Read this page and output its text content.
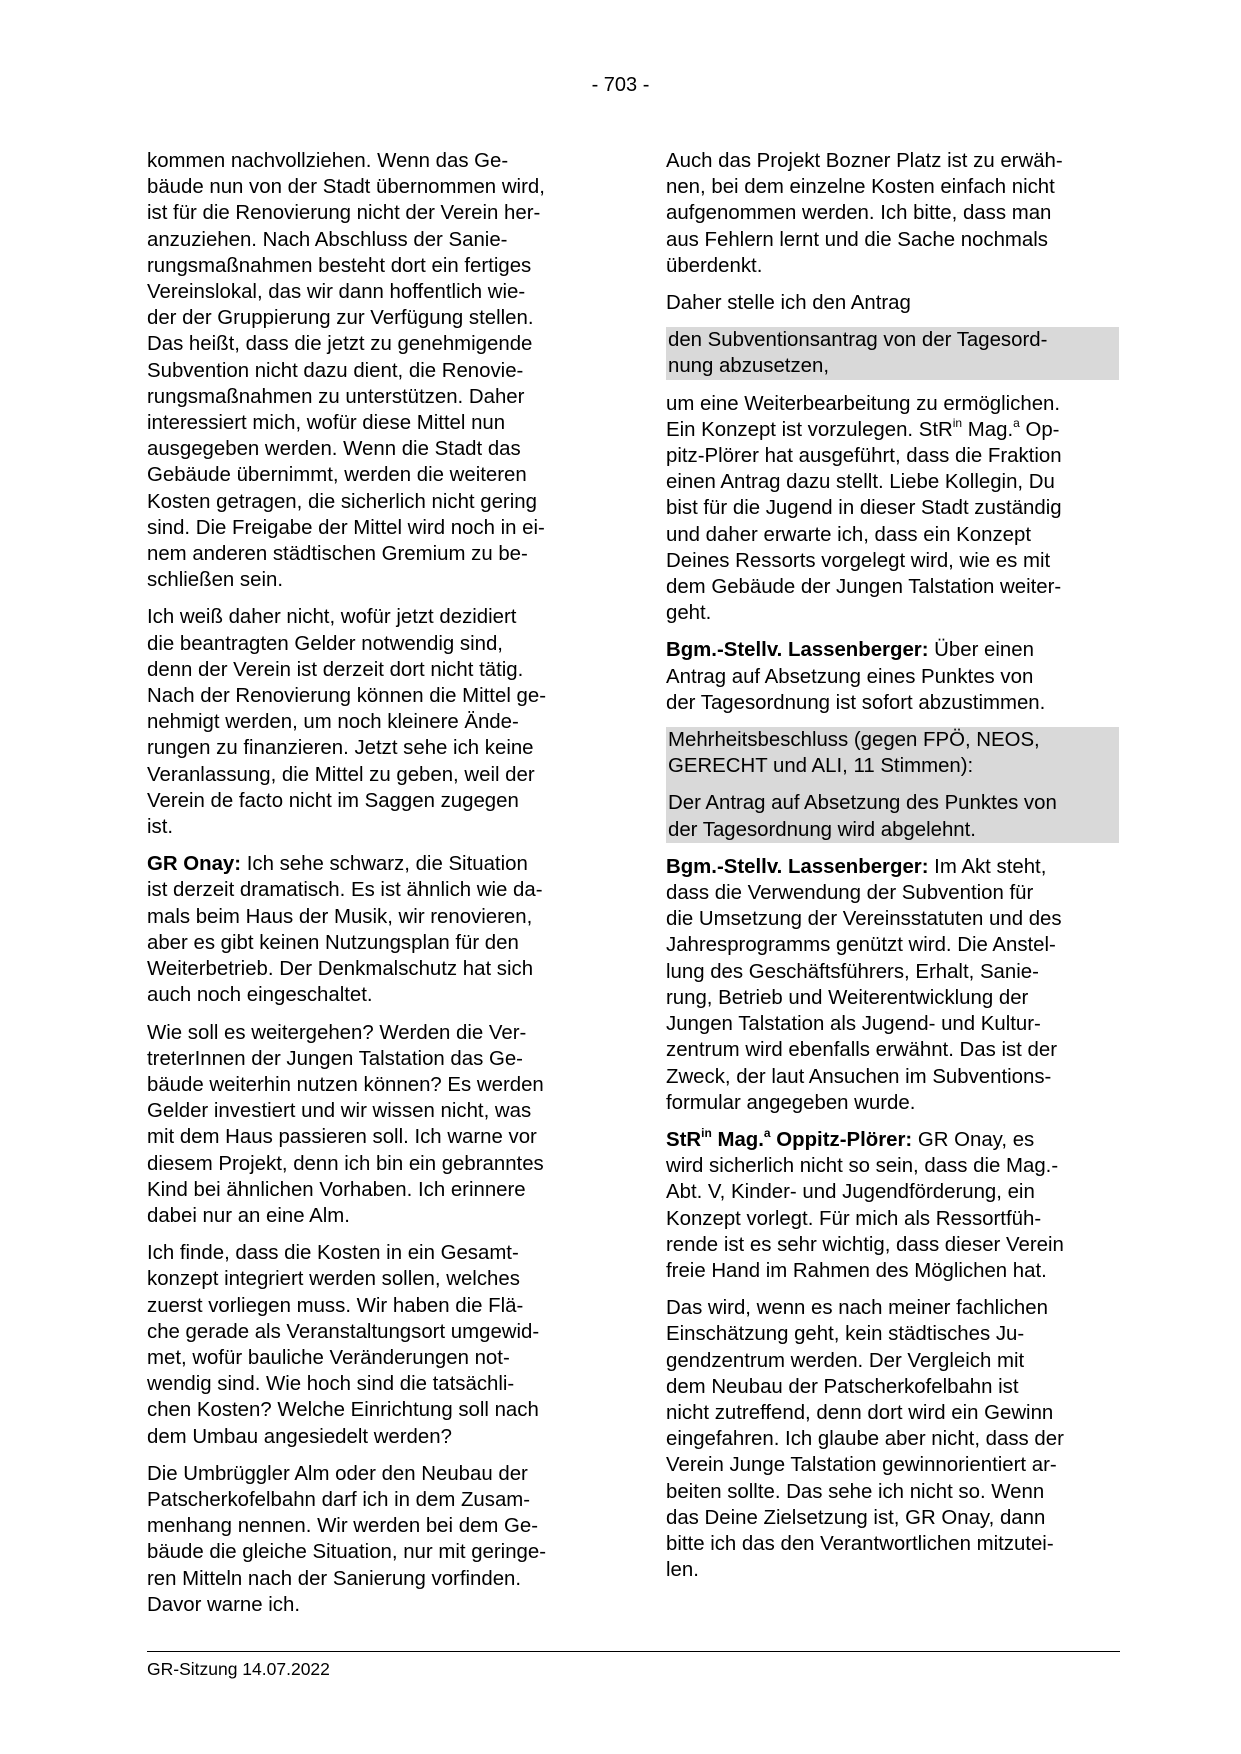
- 703 -

kommen nachvollziehen. Wenn das Ge-
bäude nun von der Stadt übernommen wird,
ist für die Renovierung nicht der Verein her-
anzuziehen. Nach Abschluss der Sanie-
rungsmaßnahmen besteht dort ein fertiges
Vereinslokal, das wir dann hoffentlich wie-
der der Gruppierung zur Verfügung stellen.
Das heißt, dass die jetzt zu genehmigende
Subvention nicht dazu dient, die Renovie-
rungsmaßnahmen zu unterstützen. Daher
interessiert mich, wofür diese Mittel nun
ausgegeben werden. Wenn die Stadt das
Gebäude übernimmt, werden die weiteren
Kosten getragen, die sicherlich nicht gering
sind. Die Freigabe der Mittel wird noch in ei-
nem anderen städtischen Gremium zu be-
schließen sein.

Ich weiß daher nicht, wofür jetzt dezidiert
die beantragten Gelder notwendig sind,
denn der Verein ist derzeit dort nicht tätig.
Nach der Renovierung können die Mittel ge-
nehmigt werden, um noch kleinere Ände-
rungen zu finanzieren. Jetzt sehe ich keine
Veranlassung, die Mittel zu geben, weil der
Verein de facto nicht im Saggen zugegen
ist.

GR Onay: Ich sehe schwarz, die Situation
ist derzeit dramatisch. Es ist ähnlich wie da-
mals beim Haus der Musik, wir renovieren,
aber es gibt keinen Nutzungsplan für den
Weiterbetrieb. Der Denkmalschutz hat sich
auch noch eingeschaltet.

Wie soll es weitergehen? Werden die Ver-
treterInnen der Jungen Talstation das Ge-
bäude weiterhin nutzen können? Es werden
Gelder investiert und wir wissen nicht, was
mit dem Haus passieren soll. Ich warne vor
diesem Projekt, denn ich bin ein gebranntes
Kind bei ähnlichen Vorhaben. Ich erinnere
dabei nur an eine Alm.

Ich finde, dass die Kosten in ein Gesamt-
konzept integriert werden sollen, welches
zuerst vorliegen muss. Wir haben die Flä-
che gerade als Veranstaltungsort umgewid-
met, wofür bauliche Veränderungen not-
wendig sind. Wie hoch sind die tatsächli-
chen Kosten? Welche Einrichtung soll nach
dem Umbau angesiedelt werden?

Die Umbrüggler Alm oder den Neubau der
Patscherkofelbahn darf ich in dem Zusam-
menhang nennen. Wir werden bei dem Ge-
bäude die gleiche Situation, nur mit geringe-
ren Mitteln nach der Sanierung vorfinden.
Davor warne ich.

Auch das Projekt Bozner Platz ist zu erwäh-
nen, bei dem einzelne Kosten einfach nicht
aufgenommen werden. Ich bitte, dass man
aus Fehlern lernt und die Sache nochmals
überdenkt.

Daher stelle ich den Antrag

den Subventionsantrag von der Tagesord-
nung abzusetzen,

um eine Weiterbearbeitung zu ermöglichen.
Ein Konzept ist vorzulegen. StR$^{in}$ Mag.$^a$ Op-
pitz-Plörer hat ausgeführt, dass die Fraktion
einen Antrag dazu stellt. Liebe Kollegin, Du
bist für die Jugend in dieser Stadt zuständig
und daher erwarte ich, dass ein Konzept
Deines Ressorts vorgelegt wird, wie es mit
dem Gebäude der Jungen Talstation weiter-
geht.

Bgm.-Stellv. Lassenberger: Über einen
Antrag auf Absetzung eines Punktes von
der Tagesordnung ist sofort abzustimmen.

Mehrheitsbeschluss (gegen FPÖ, NEOS,
GERECHT und ALI, 11 Stimmen):

Der Antrag auf Absetzung des Punktes von
der Tagesordnung wird abgelehnt.

Bgm.-Stellv. Lassenberger: Im Akt steht,
dass die Verwendung der Subvention für
die Umsetzung der Vereinsstatuten und des
Jahresprogramms genützt wird. Die Anstel-
lung des Geschäftsführers, Erhalt, Sanie-
rung, Betrieb und Weiterentwicklung der
Jungen Talstation als Jugend- und Kultur-
zentrum wird ebenfalls erwähnt. Das ist der
Zweck, der laut Ansuchen im Subventions-
formular angegeben wurde.

StR$^{in}$ Mag.$^a$ Oppitz-Plörer: GR Onay, es
wird sicherlich nicht so sein, dass die Mag.-
Abt. V, Kinder- und Jugendförderung, ein
Konzept vorlegt. Für mich als Ressortfüh-
rende ist es sehr wichtig, dass dieser Verein
freie Hand im Rahmen des Möglichen hat.

Das wird, wenn es nach meiner fachlichen
Einschätzung geht, kein städtisches Ju-
gendzentrum werden. Der Vergleich mit
dem Neubau der Patscherkofelbahn ist
nicht zutreffend, denn dort wird ein Gewinn
eingefahren. Ich glaube aber nicht, dass der
Verein Junge Talstation gewinnorientiert ar-
beiten sollte. Das sehe ich nicht so. Wenn
das Deine Zielsetzung ist, GR Onay, dann
bitte ich das den Verantwortlichen mitzutei-
len.

GR-Sitzung 14.07.2022
